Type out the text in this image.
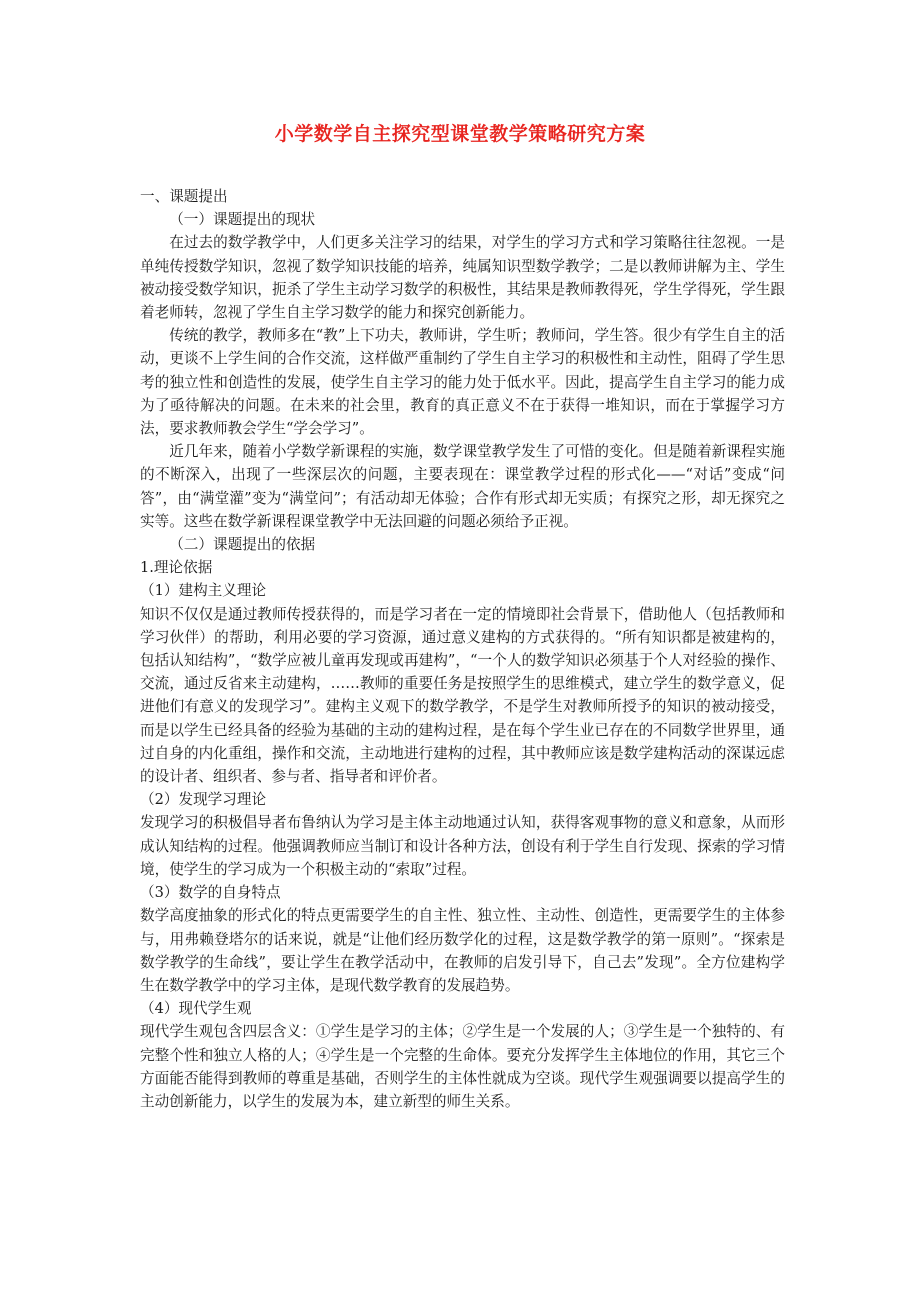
小学数学自主探究型课堂教学策略研究方案

一、课题提出

（一）课题提出的现状

在过去的数学教学中，人们更多关注学习的结果，对学生的学习方式和学习策略往往忽视。一是单纯传授数学知识，忽视了数学知识技能的培养，纯属知识型数学教学；二是以教师讲解为主、学生被动接受数学知识，扼杀了学生主动学习数学的积极性，其结果是教师教得死，学生学得死，学生跟着老师转，忽视了学生自主学习数学的能力和探究创新能力。

传统的教学，教师多在“教”上下功夫，教师讲，学生听；教师问，学生答。很少有学生自主的活动，更谈不上学生间的合作交流，这样做严重制约了学生自主学习的积极性和主动性，阻碍了学生思考的独立性和创造性的发展，使学生自主学习的能力处于低水平。因此，提高学生自主学习的能力成为了亟待解决的问题。在未来的社会里，教育的真正意义不在于获得一堆知识，而在于掌握学习方法，要求教师教会学生“学会学习”。

近几年来，随着小学数学新课程的实施，数学课堂教学发生了可惜的变化。但是随着新课程实施的不断深入，出现了一些深层次的问题，主要表现在：课堂教学过程的形式化——“对话”变成“问答”，由“满堂灌”变为“满堂问”；有活动却无体验；合作有形式却无实质；有探究之形，却无探究之实等。这些在数学新课程课堂教学中无法回避的问题必须给予正视。

（二）课题提出的依据

1.理论依据

（1）建构主义理论

知识不仅仅是通过教师传授获得的，而是学习者在一定的情境即社会背景下，借助他人（包括教师和学习伙伴）的帮助，利用必要的学习资源，通过意义建构的方式获得的。“所有知识都是被建构的，包括认知结构”，“数学应被儿童再发现或再建构”，“一个人的数学知识必须基于个人对经验的操作、交流，通过反省来主动建构，……教师的重要任务是按照学生的思维模式，建立学生的数学意义，促进他们有意义的发现学习”。建构主义观下的数学教学，不是学生对教师所授予的知识的被动接受，而是以学生已经具备的经验为基础的主动的建构过程，是在每个学生业已存在的不同数学世界里，通过自身的内化重组，操作和交流，主动地进行建构的过程，其中教师应该是数学建构活动的深谋远虑的设计者、组织者、参与者、指导者和评价者。

（2）发现学习理论

发现学习的积极倡导者布鲁纳认为学习是主体主动地通过认知，获得客观事物的意义和意象，从而形成认知结构的过程。他强调教师应当制订和设计各种方法，创设有利于学生自行发现、探索的学习情境，使学生的学习成为一个积极主动的“索取”过程。

（3）数学的自身特点

数学高度抽象的形式化的特点更需要学生的自主性、独立性、主动性、创造性，更需要学生的主体参与，用弗赖登塔尔的话来说，就是“让他们经历数学化的过程，这是数学教学的第一原则”。“探索是数学教学的生命线”，要让学生在教学活动中，在教师的启发引导下，自己去”发现”。全方位建构学生在数学教学中的学习主体，是现代数学教育的发展趋势。

（4）现代学生观

现代学生观包含四层含义：①学生是学习的主体；②学生是一个发展的人；③学生是一个独特的、有完整个性和独立人格的人；④学生是一个完整的生命体。要充分发挥学生主体地位的作用，其它三个方面能否能得到教师的尊重是基础，否则学生的主体性就成为空谈。现代学生观强调要以提高学生的主动创新能力，以学生的发展为本，建立新型的师生关系。
